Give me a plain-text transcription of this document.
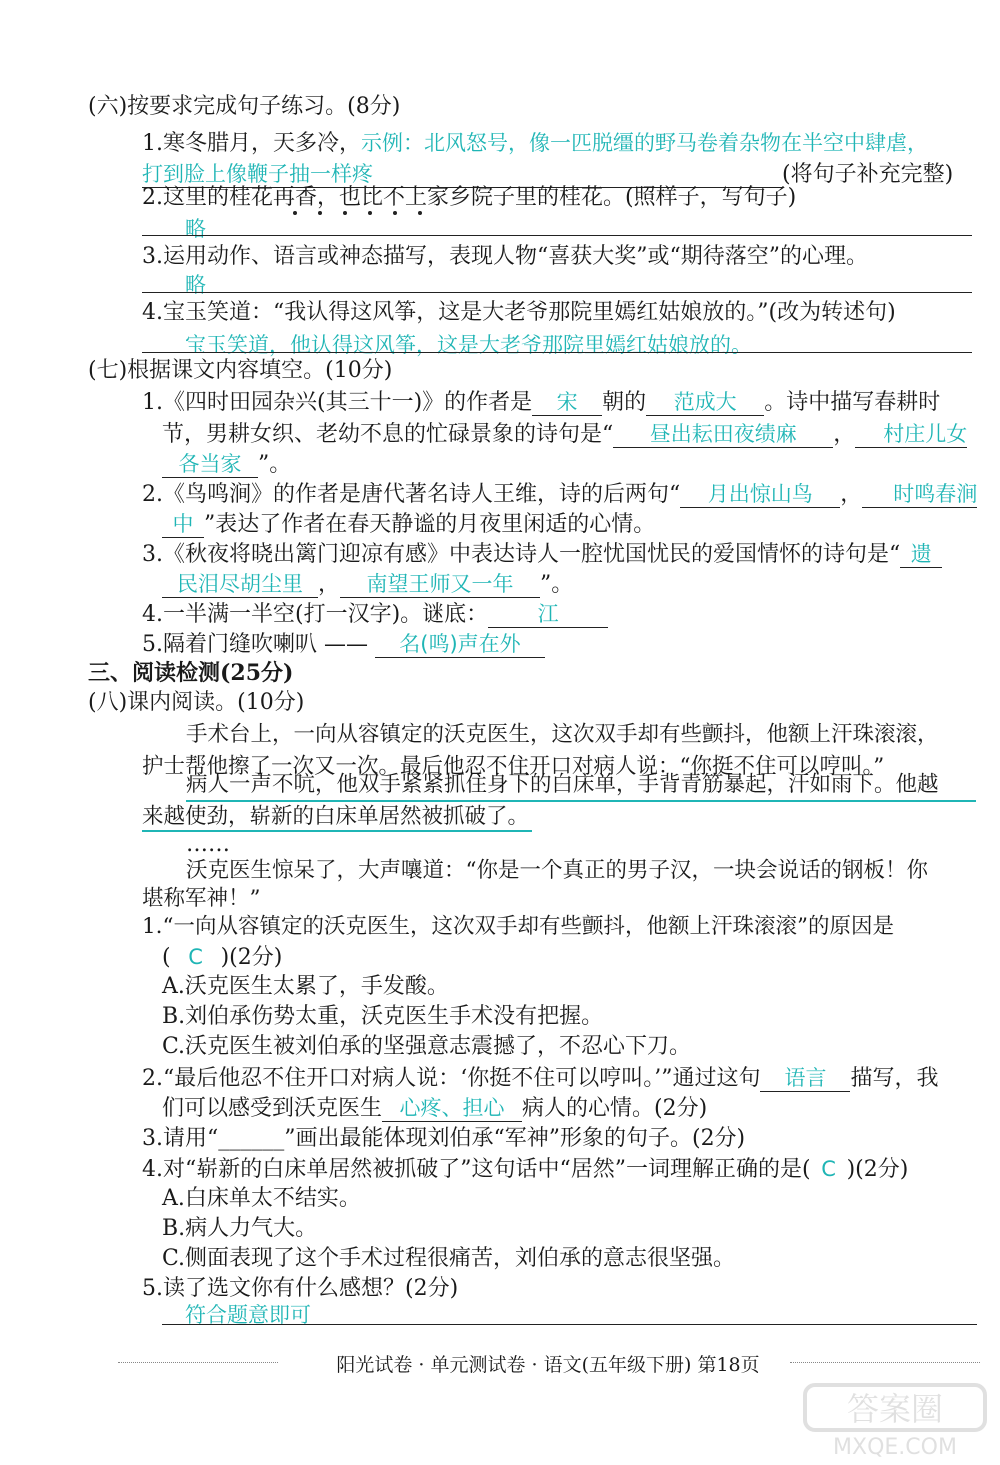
(六)按要求完成句子练习。(8分)
1.寒冬腊月，天多冷，示例：北风怒号，像一匹脱缰的野马卷着杂物在半空中肆虐，
打到脸上像鞭子抽一样疼	(将句子补充完整)
2.这里的桂花再香，也比不上家乡院子里的桂花。(照样子，写句子)
略
3.运用动作、语言或神态描写，表现人物“喜获大奖”或“期待落空”的心理。
略
4.宝玉笑道：“我认得这风筝，这是大老爷那院里嫣红姑娘放的。”(改为转述句)
宝玉笑道，他认得这风筝，这是大老爷那院里嫣红姑娘放的。
(七)根据课文内容填空。(10分)
1.《四时田园杂兴(其三十一)》的作者是 宋 朝的 范成大 。诗中描写春耕时
节，男耕女织、老幼不息的忙碌景象的诗句是“ 昼出耘田夜绩麻 ， 村庄儿女
各当家 ”。
2.《鸟鸣涧》的作者是唐代著名诗人王维，诗的后两句“ 月出惊山鸟 ， 时鸣春涧
中 ”表达了作者在春天静谧的月夜里闲适的心情。
3.《秋夜将晓出篱门迎凉有感》中表达诗人一腔忧国忧民的爱国情怀的诗句是“ 遗
民泪尽胡尘里 ， 南望王师又一年 ”。
4.一半满一半空(打一汉字)。谜底： 江
5.隔着门缝吹喇叭 —— 名(鸣)声在外
三、阅读检测(25分)
(八)课内阅读。(10分)
手术台上，一向从容镇定的沃克医生，这次双手却有些颤抖，他额上汗珠滚滚，
护士帮他擦了一次又一次。最后他忍不住开口对病人说：“你挺不住可以哼叫。”
病人一声不吭，他双手紧紧抓住身下的白床单，手背青筋暴起，汗如雨下。他越
来越使劲，崭新的白床单居然被抓破了。
……
沃克医生惊呆了，大声嚷道：“你是一个真正的男子汉，一块会说话的钢板！你
堪称军神！”
1.“一向从容镇定的沃克医生，这次双手却有些颤抖，他额上汗珠滚滚”的原因是
( C )(2分)
A.沃克医生太累了，手发酸。
B.刘伯承伤势太重，沃克医生手术没有把握。
C.沃克医生被刘伯承的坚强意志震撼了，不忍心下刀。
2.“最后他忍不住开口对病人说：‘你挺不住可以哼叫。’”通过这句 语言 描写，我
们可以感受到沃克医生 心疼、担心 病人的心情。(2分)
3.请用“______”画出最能体现刘伯承“军神”形象的句子。(2分)
4.对“崭新的白床单居然被抓破了”这句话中“居然”一词理解正确的是( C )(2分)
A.白床单太不结实。
B.病人力气大。
C.侧面表现了这个手术过程很痛苦，刘伯承的意志很坚强。
5.读了选文你有什么感想？(2分)
符合题意即可
阳光试卷 · 单元测试卷 · 语文(五年级下册) 第18页
答案圈
MXQE.COM
